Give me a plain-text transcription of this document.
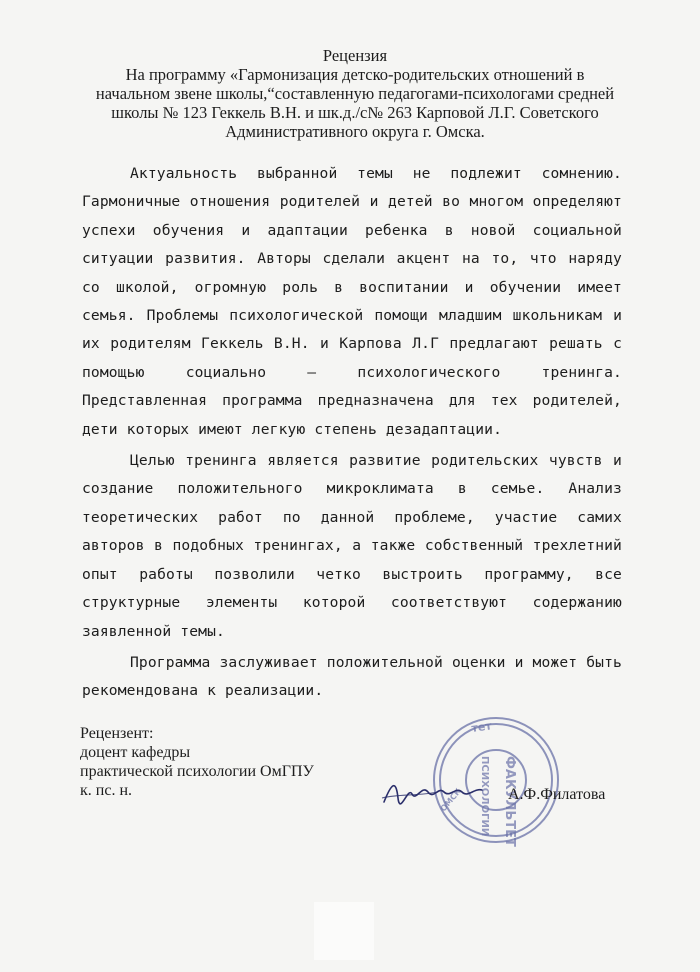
Рецензия
На программу «Гармонизация детско-родительских отношений в
начальном звене школы,“составленную педагогами-психологами средней
школы № 123 Геккель В.Н. и шк.д./с№ 263 Карповой Л.Г. Советского
Административного округа г. Омска.

Актуальность выбранной темы не подлежит сомнению. Гармоничные отношения родителей и детей во многом определяют успехи обучения и адаптации ребенка в новой социальной ситуации развития. Авторы сделали акцент на то, что наряду со школой, огромную роль в воспитании и обучении имеет семья. Проблемы психологической помощи младшим школьникам и их родителям Геккель В.Н. и Карпова Л.Г предлагают решать с помощью социально – психологического тренинга. Представленная программа предназначена для тех родителей, дети которых имеют легкую степень дезадаптации.

Целью тренинга является развитие родительских чувств и создание положительного микроклимата в семье. Анализ теоретических работ по данной проблеме, участие самих авторов в подобных тренингах, а также собственный трехлетний опыт работы позволили четко выстроить программу, все структурные элементы которой соответствуют содержанию заявленной темы.

Программа заслуживает положительной оценки и может быть рекомендована к реализации.

Рецензент:
доцент кафедры
практической психологии ОмГПУ
к. пс. н.
тет
ФАКУЛЬТЕТ
ПСИХОЛОГИИ
ОМСК	А.Ф.Филатова
